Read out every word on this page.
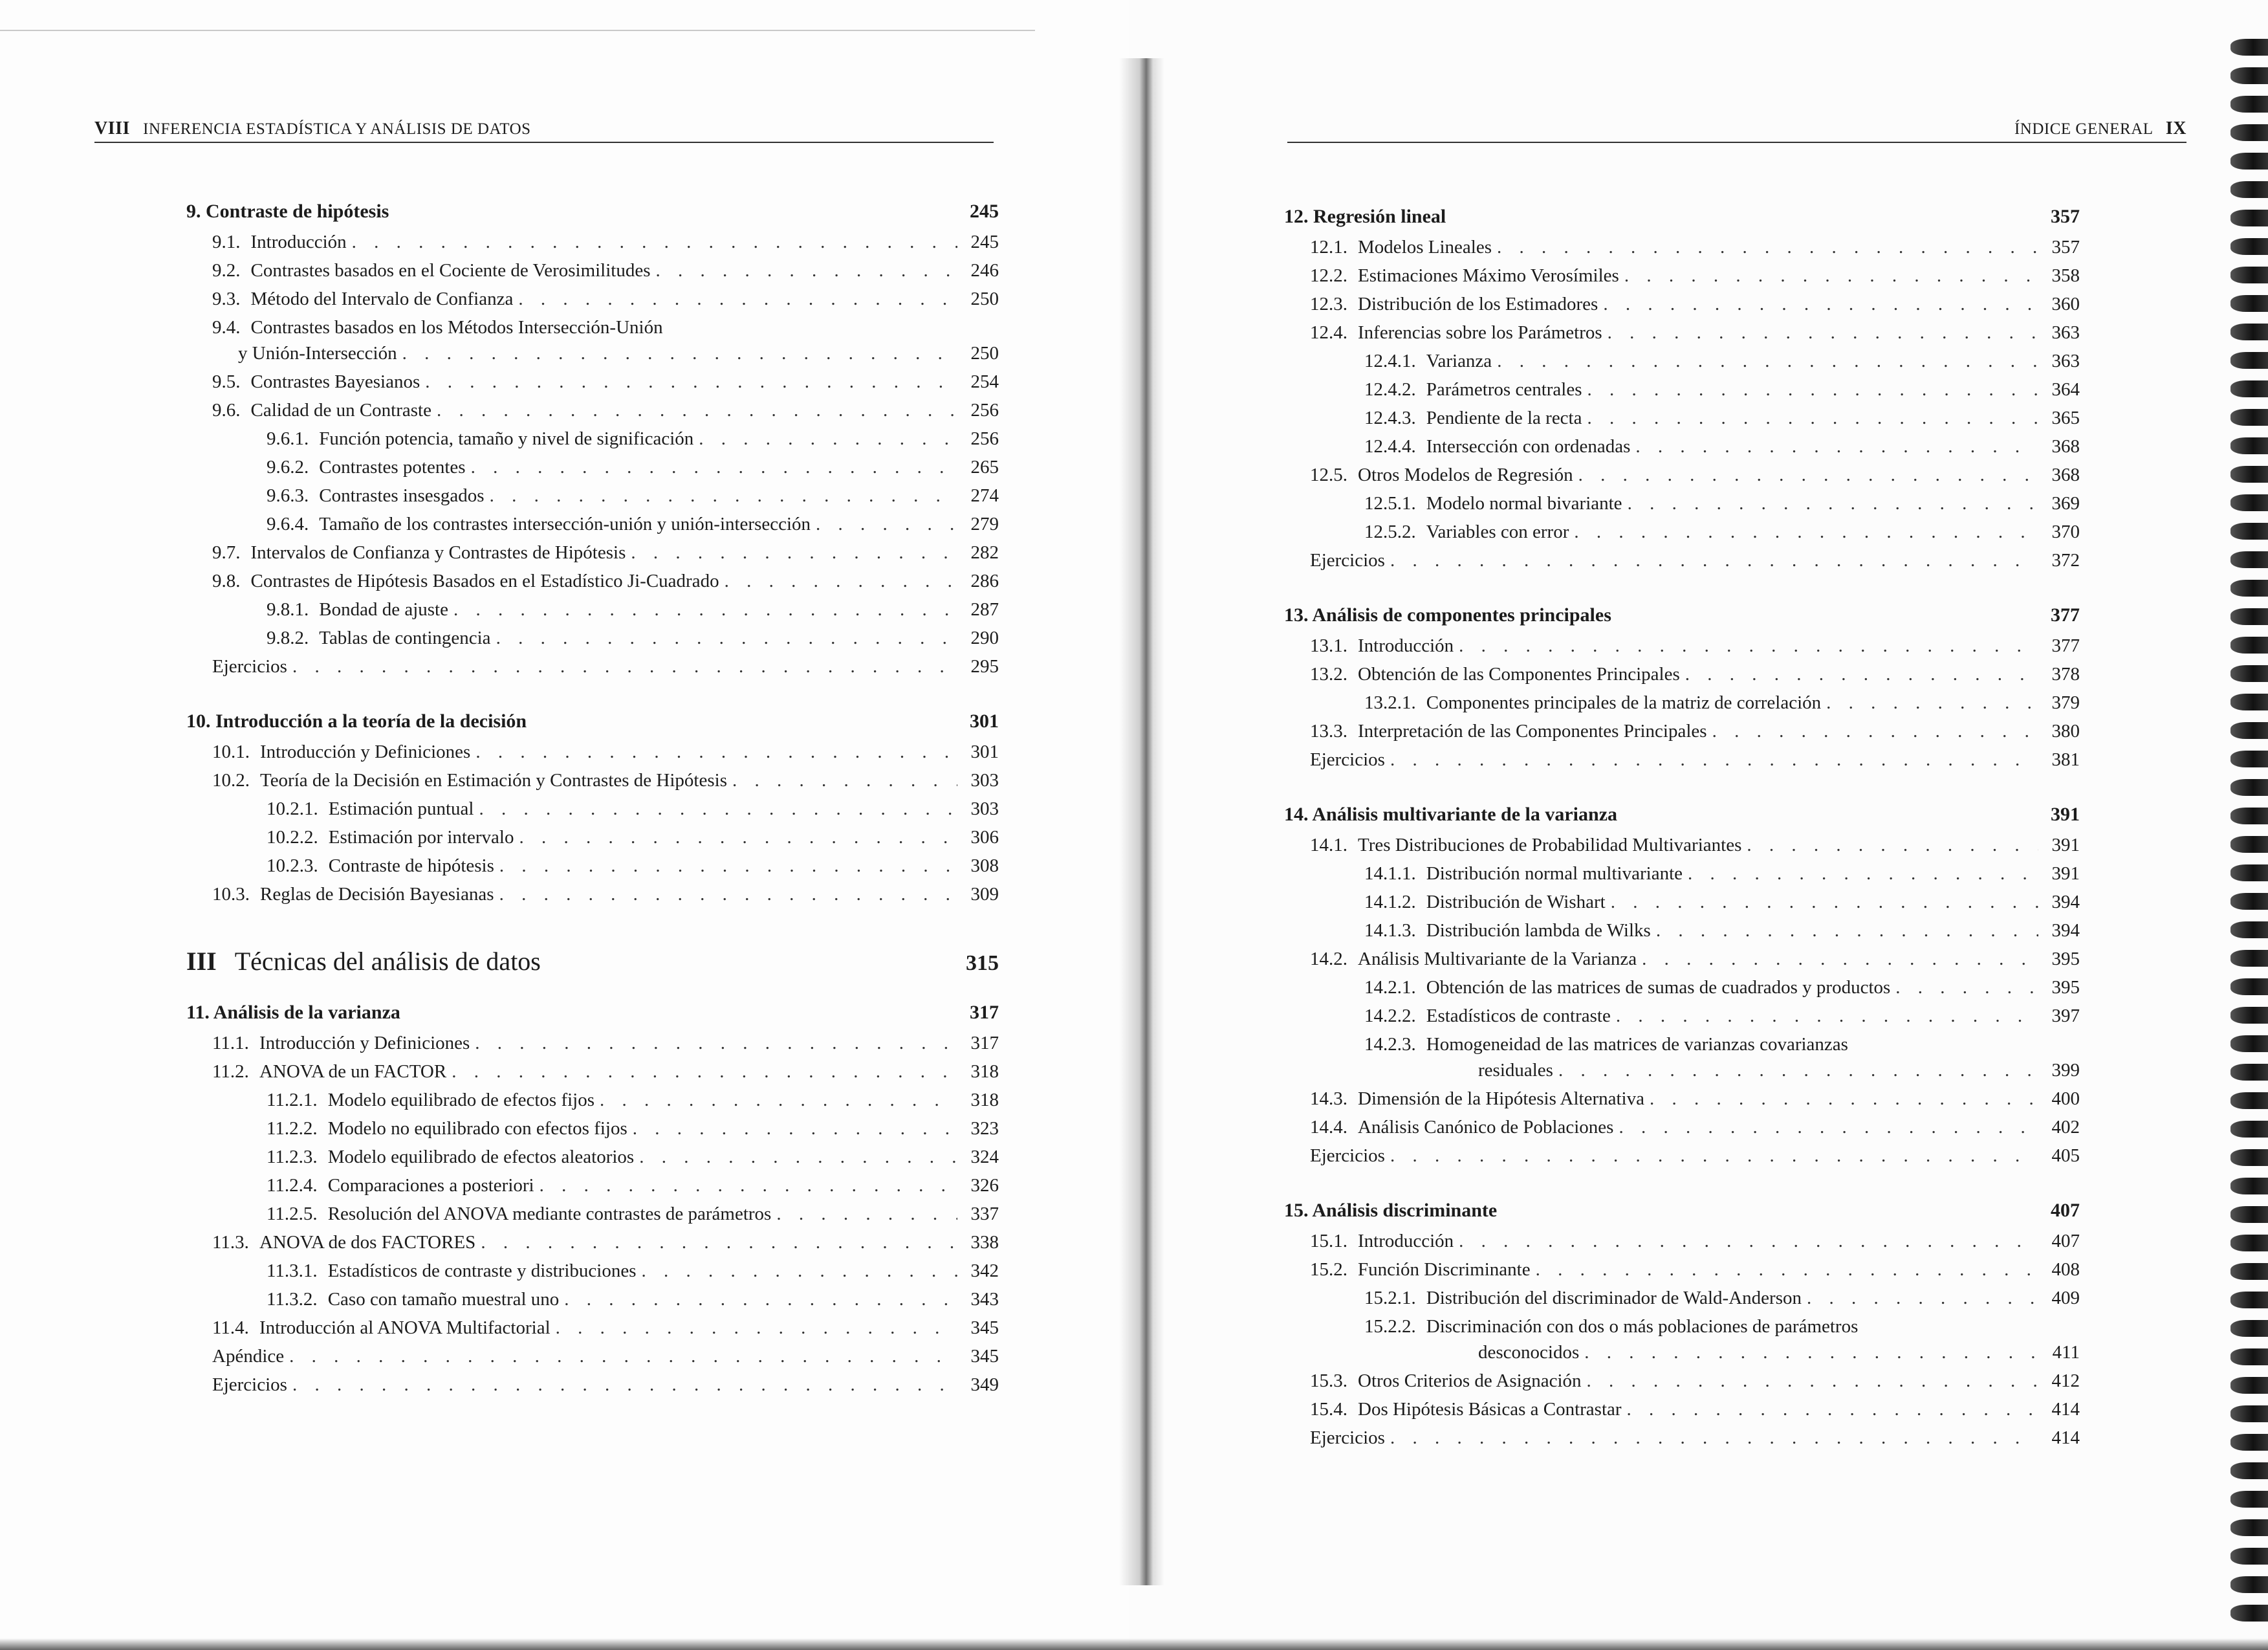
VIII INFERENCIA ESTADÍSTICA Y ANÁLISIS DE DATOS	ÍNDICE GENERAL IX
9. Contraste de hipótesis	245
9.1. Introducción . . .	245
9.2. Contrastes basados en el Cociente de Verosimilitudes . . .	246
9.3. Método del Intervalo de Confianza . . .	250
9.4. Contrastes basados en los Métodos Intersección-Unión
y Unión-Intersección . . .	250
9.5. Contrastes Bayesianos . . .	254
9.6. Calidad de un Contraste . . .	256
9.6.1. Función potencia, tamaño y nivel de significación . . .	256
9.6.2. Contrastes potentes . . .	265
9.6.3. Contrastes insesgados . . .	274
9.6.4. Tamaño de los contrastes intersección-unión y unión-intersección . . .	279
9.7. Intervalos de Confianza y Contrastes de Hipótesis . . .	282
9.8. Contrastes de Hipótesis Basados en el Estadístico Ji-Cuadrado . . .	286
9.8.1. Bondad de ajuste . . .	287
9.8.2. Tablas de contingencia . . .	290
Ejercicios . . .	295
10. Introducción a la teoría de la decisión	301
10.1. Introducción y Definiciones . . .	301
10.2. Teoría de la Decisión en Estimación y Contrastes de Hipótesis . . .	303
10.2.1. Estimación puntual . . .	303
10.2.2. Estimación por intervalo . . .	306
10.2.3. Contraste de hipótesis . . .	308
10.3. Reglas de Decisión Bayesianas . . .	309
III Técnicas del análisis de datos	315
11. Análisis de la varianza	317
11.1. Introducción y Definiciones . . .	317
11.2. ANOVA de un FACTOR . . .	318
11.2.1. Modelo equilibrado de efectos fijos . . .	318
11.2.2. Modelo no equilibrado con efectos fijos . . .	323
11.2.3. Modelo equilibrado de efectos aleatorios . . .	324
11.2.4. Comparaciones a posteriori . . .	326
11.2.5. Resolución del ANOVA mediante contrastes de parámetros . . .	337
11.3. ANOVA de dos FACTORES . . .	338
11.3.1. Estadísticos de contraste y distribuciones . . .	342
11.3.2. Caso con tamaño muestral uno . . .	343
11.4. Introducción al ANOVA Multifactorial . . .	345
Apéndice . . .	345
Ejercicios . . .	349
12. Regresión lineal	357
12.1. Modelos Lineales . . .	357
12.2. Estimaciones Máximo Verosímiles . . .	358
12.3. Distribución de los Estimadores . . .	360
12.4. Inferencias sobre los Parámetros . . .	363
12.4.1. Varianza . . .	363
12.4.2. Parámetros centrales . . .	364
12.4.3. Pendiente de la recta . . .	365
12.4.4. Intersección con ordenadas . . .	368
12.5. Otros Modelos de Regresión . . .	368
12.5.1. Modelo normal bivariante . . .	369
12.5.2. Variables con error . . .	370
Ejercicios . . .	372
13. Análisis de componentes principales	377
13.1. Introducción . . .	377
13.2. Obtención de las Componentes Principales . . .	378
13.2.1. Componentes principales de la matriz de correlación . . .	379
13.3. Interpretación de las Componentes Principales . . .	380
Ejercicios . . .	381
14. Análisis multivariante de la varianza	391
14.1. Tres Distribuciones de Probabilidad Multivariantes . . .	391
14.1.1. Distribución normal multivariante . . .	391
14.1.2. Distribución de Wishart . . .	394
14.1.3. Distribución lambda de Wilks . . .	394
14.2. Análisis Multivariante de la Varianza . . .	395
14.2.1. Obtención de las matrices de sumas de cuadrados y productos . . .	395
14.2.2. Estadísticos de contraste . . .	397
14.2.3. Homogeneidad de las matrices de varianzas covarianzas
residuales . . .	399
14.3. Dimensión de la Hipótesis Alternativa . . .	400
14.4. Análisis Canónico de Poblaciones . . .	402
Ejercicios . . .	405
15. Análisis discriminante	407
15.1. Introducción . . .	407
15.2. Función Discriminante . . .	408
15.2.1. Distribución del discriminador de Wald-Anderson . . .	409
15.2.2. Discriminación con dos o más poblaciones de parámetros
desconocidos . . .	411
15.3. Otros Criterios de Asignación . . .	412
15.4. Dos Hipótesis Básicas a Contrastar . . .	414
Ejercicios . . .	414
